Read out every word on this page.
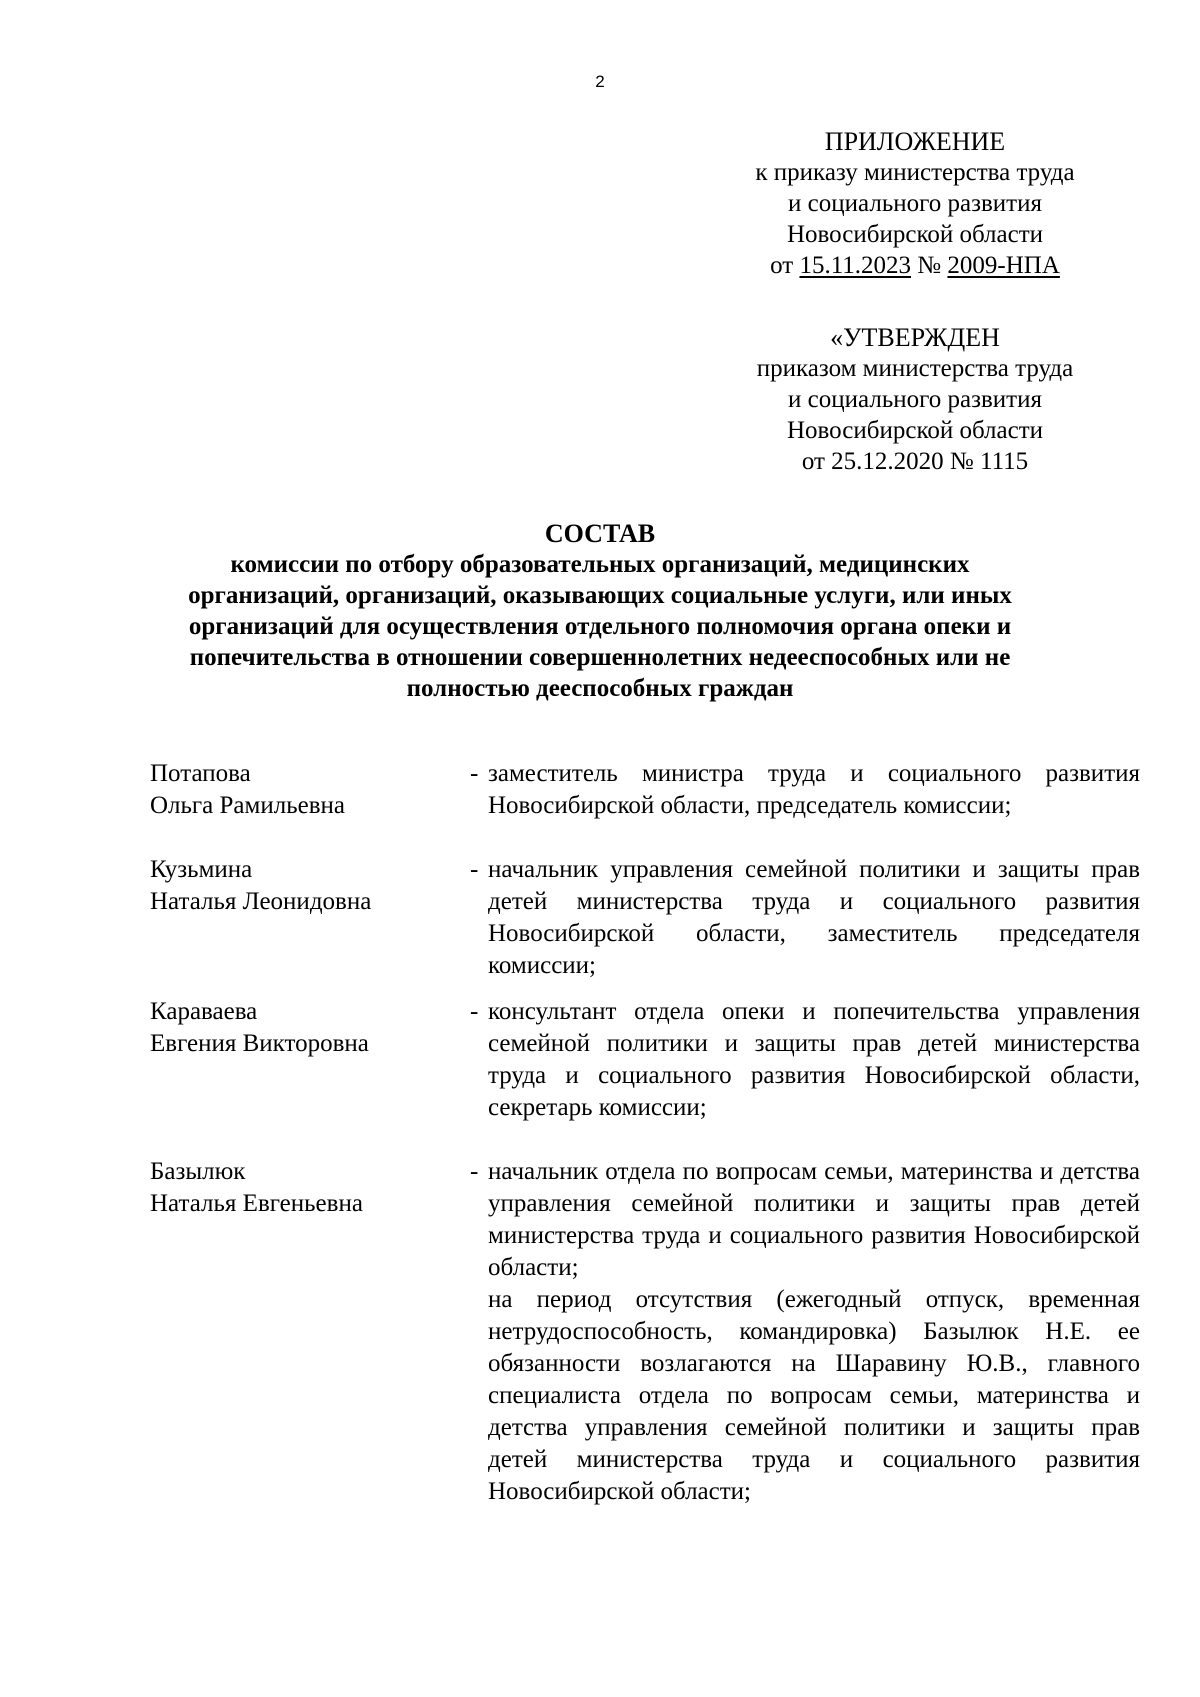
2
ПРИЛОЖЕНИЕ
к приказу министерства труда
и социального развития
Новосибирской области
от 15.11.2023 № 2009-НПА
«УТВЕРЖДЕН
приказом министерства труда
и социального развития
Новосибирской области
от 25.12.2020 № 1115
СОСТАВ
комиссии по отбору образовательных организаций, медицинских
организаций, организаций, оказывающих социальные услуги, или иных
организаций для осуществления отдельного полномочия органа опеки и
попечительства в отношении совершеннолетних недееспособных или не
полностью дееспособных граждан
Потапова
Ольга Рамильевна
- заместитель министра труда и социального развития Новосибирской области, председатель комиссии;

Кузьмина
Наталья Леонидовна
- начальник управления семейной политики и защиты прав детей министерства труда и социального развития Новосибирской области, заместитель председателя комиссии;

Караваева
Евгения Викторовна
- консультант отдела опеки и попечительства управления семейной политики и защиты прав детей министерства труда и социального развития Новосибирской области, секретарь комиссии;

Базылюк
Наталья Евгеньевна
- начальник отдела по вопросам семьи, материнства и детства управления семейной политики и защиты прав детей министерства труда и социального развития Новосибирской области;

на период отсутствия (ежегодный отпуск, временная нетрудоспособность, командировка) Базылюк Н.Е. ее обязанности возлагаются на Шаравину Ю.В., главного специалиста отдела по вопросам семьи, материнства и детства управления семейной политики и защиты прав детей министерства труда и социального развития Новосибирской области;
